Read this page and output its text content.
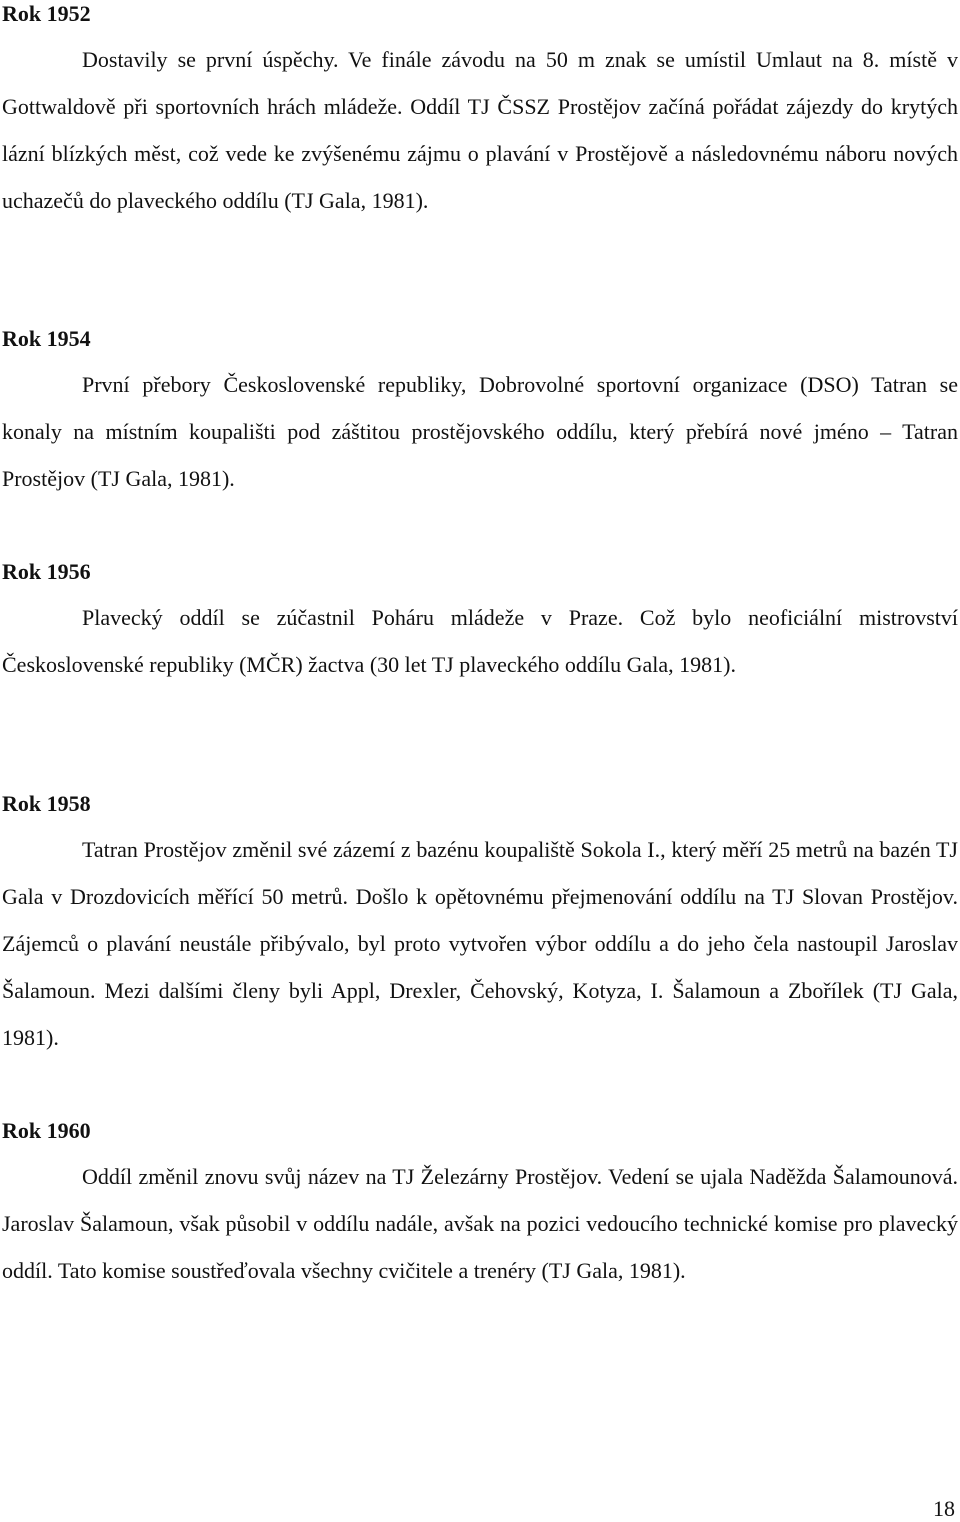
Rok 1952

Dostavily se první úspěchy. Ve finále závodu na 50 m znak se umístil Umlaut na 8. místě v Gottwaldově při sportovních hrách mládeže. Oddíl TJ ČSSZ Prostějov začíná pořádat zájezdy do krytých lázní blízkých měst, což vede ke zvýšenému zájmu o plavání v Prostějově a následovnému náboru nových uchazečů do plaveckého oddílu (TJ Gala, 1981).

Rok 1954

První přebory Československé republiky, Dobrovolné sportovní organizace (DSO) Tatran se konaly na místním koupališti pod záštitou prostějovského oddílu, který přebírá nové jméno – Tatran Prostějov (TJ Gala, 1981).

Rok 1956

Plavecký oddíl se zúčastnil Poháru mládeže v Praze. Což bylo neoficiální mistrovství Československé republiky (MČR) žactva (30 let TJ plaveckého oddílu Gala, 1981).

Rok 1958

Tatran Prostějov změnil své zázemí z bazénu koupaliště Sokola I., který měří 25 metrů na bazén TJ Gala v Drozdovicích měřící 50 metrů. Došlo k opětovnému přejmenování oddílu na TJ Slovan Prostějov. Zájemců o plavání neustále přibývalo, byl proto vytvořen výbor oddílu a do jeho čela nastoupil Jaroslav Šalamoun. Mezi dalšími členy byli Appl, Drexler, Čehovský, Kotyza, I. Šalamoun a Zbořílek (TJ Gala, 1981).

Rok 1960

Oddíl změnil znovu svůj název na TJ Železárny Prostějov. Vedení se ujala Naděžda Šalamounová. Jaroslav Šalamoun, však působil v oddílu nadále, avšak na pozici vedoucího technické komise pro plavecký oddíl. Tato komise soustřeďovala všechny cvičitele a trenéry (TJ Gala, 1981).

18
